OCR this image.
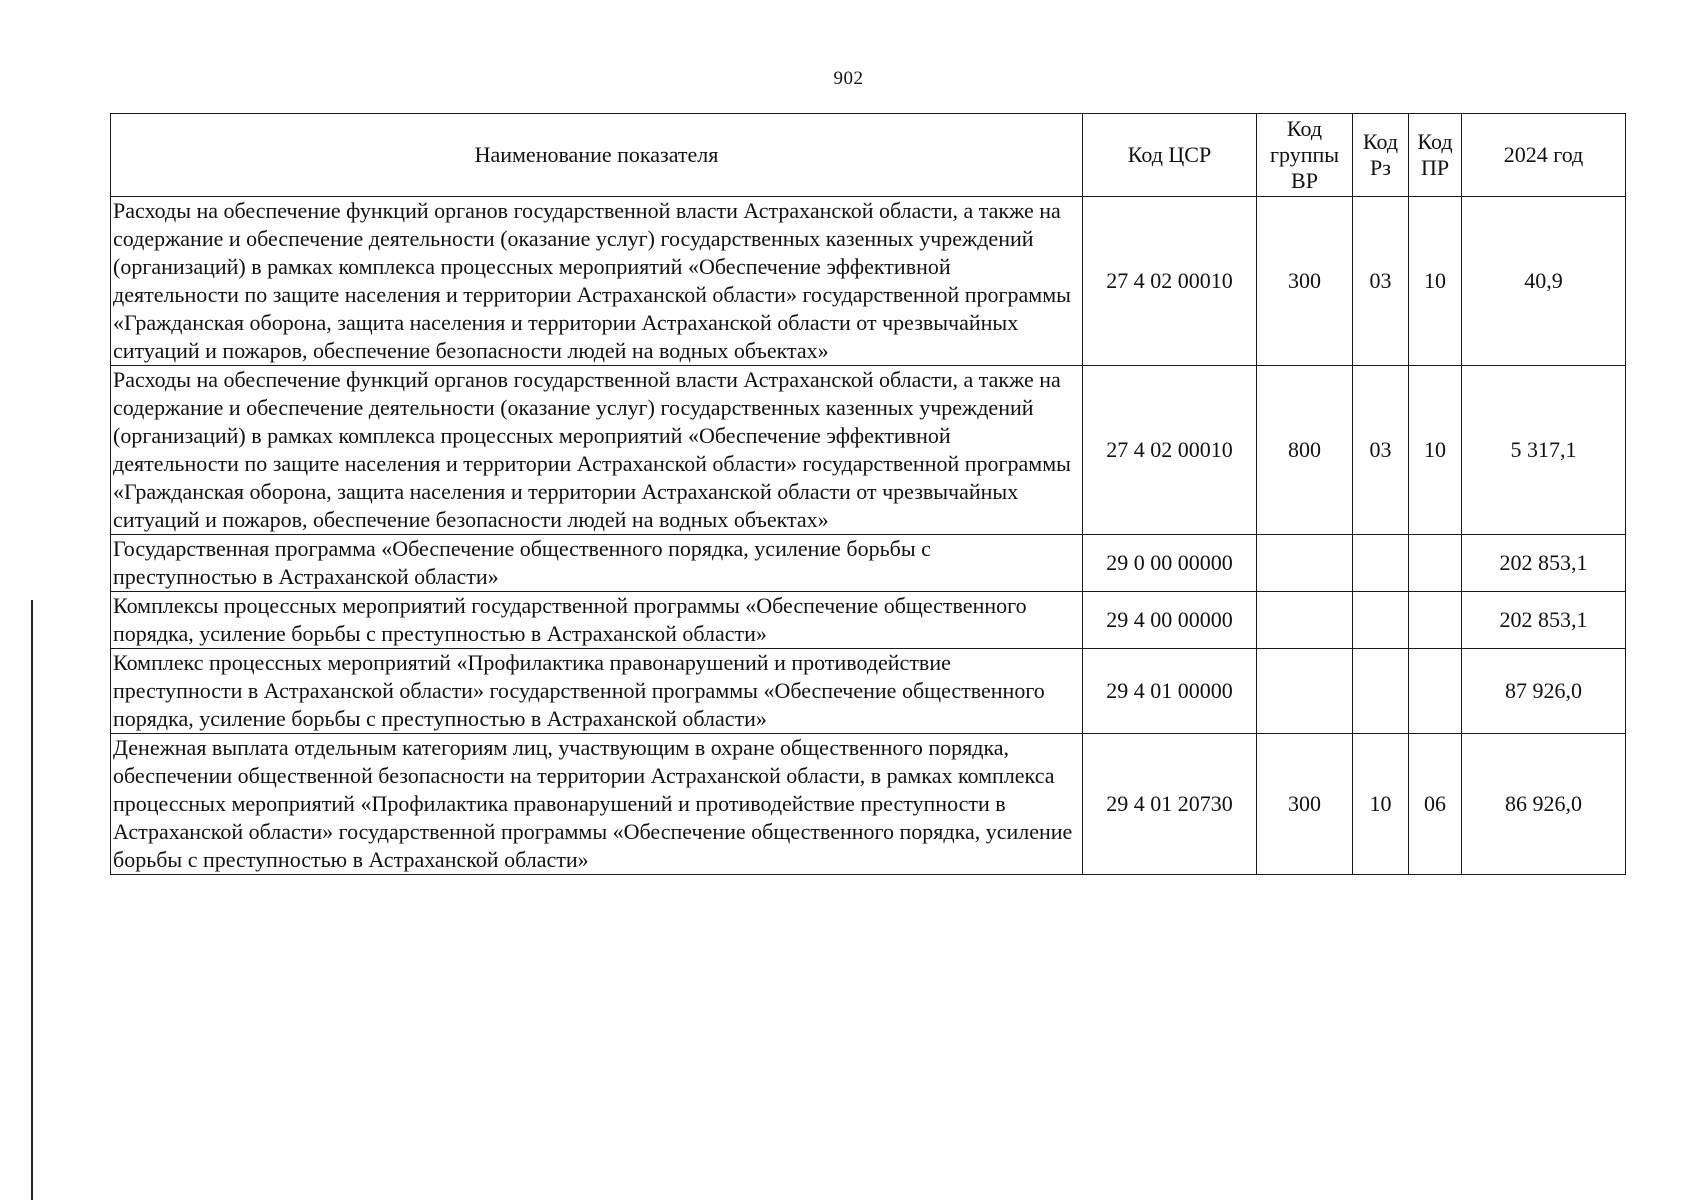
902
Наименование показателя	Код ЦСР	Код группы ВР	Код Рз	Код ПР	2024 год
Расходы на обеспечение функций органов государственной власти Астраханской области, а также на содержание и обеспечение деятельности (оказание услуг) государственных казенных учреждений (организаций) в рамках комплекса процессных мероприятий «Обеспечение эффективной деятельности по защите населения и территории Астраханской области» государственной программы «Гражданская оборона, защита населения и территории Астраханской области от чрезвычайных ситуаций и пожаров, обеспечение безопасности людей на водных объектах»	27 4 02 00010	300	03	10	40,9
Расходы на обеспечение функций органов государственной власти Астраханской области, а также на содержание и обеспечение деятельности (оказание услуг) государственных казенных учреждений (организаций) в рамках комплекса процессных мероприятий «Обеспечение эффективной деятельности по защите населения и территории Астраханской области» государственной программы «Гражданская оборона, защита населения и территории Астраханской области от чрезвычайных ситуаций и пожаров, обеспечение безопасности людей на водных объектах»	27 4 02 00010	800	03	10	5 317,1
Государственная программа «Обеспечение общественного порядка, усиление борьбы с преступностью в Астраханской области»	29 0 00 00000				202 853,1
Комплексы процессных мероприятий государственной программы «Обеспечение общественного порядка, усиление борьбы с преступностью в Астраханской области»	29 4 00 00000				202 853,1
Комплекс процессных мероприятий «Профилактика правонарушений и противодействие преступности в Астраханской области» государственной программы «Обеспечение общественного порядка, усиление борьбы с преступностью в Астраханской области»	29 4 01 00000				87 926,0
Денежная выплата отдельным категориям лиц, участвующим в охране общественного порядка, обеспечении общественной безопасности на территории Астраханской области, в рамках комплекса процессных мероприятий «Профилактика правонарушений и противодействие преступности в Астраханской области» государственной программы «Обеспечение общественного порядка, усиление борьбы с преступностью в Астраханской области»	29 4 01 20730	300	10	06	86 926,0
